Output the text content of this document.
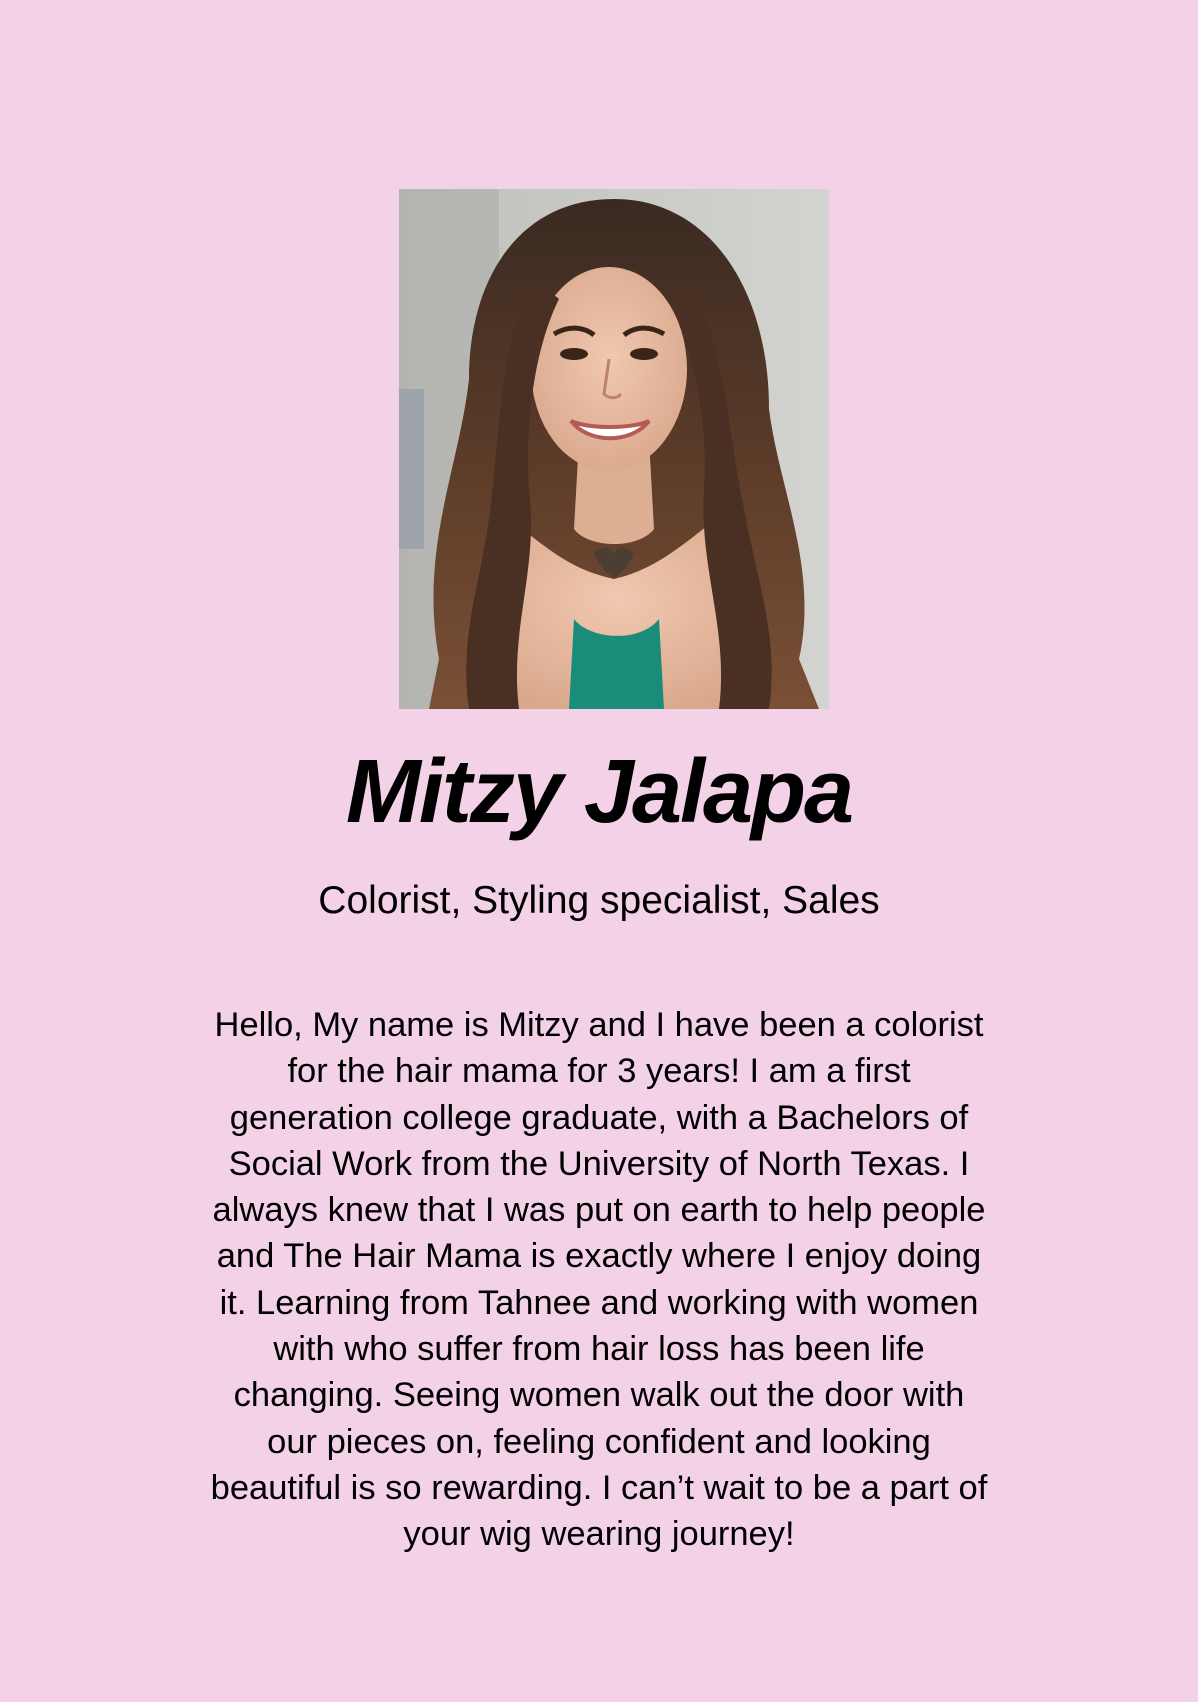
Mitzy Jalapa

Colorist, Styling specialist, Sales

Hello, My name is Mitzy and I have been a colorist for the hair mama for 3 years! I am a first generation college graduate, with a Bachelors of Social Work from the University of North Texas. I always knew that I was put on earth to help people and The Hair Mama is exactly where I enjoy doing it. Learning from Tahnee and working with women with who suffer from hair loss has been life changing. Seeing women walk out the door with our pieces on, feeling confident and looking beautiful is so rewarding. I can’t wait to be a part of your wig wearing journey!
